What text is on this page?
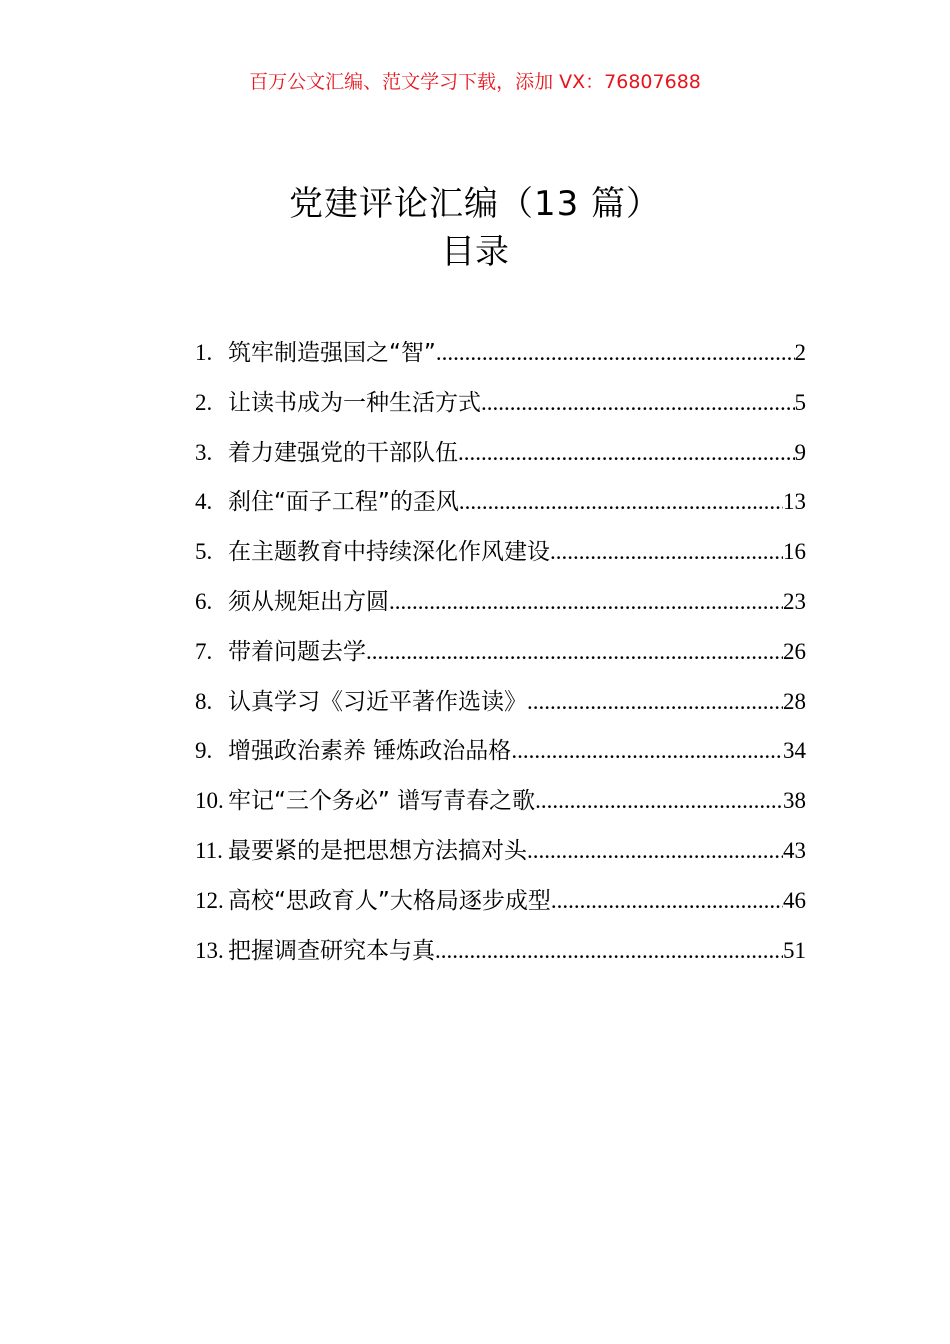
百万公文汇编、范文学习下载，添加 VX：76807688
党建评论汇编（13 篇）
目录
1. 筑牢制造强国之“智” .....	2
2. 让读书成为一种生活方式 .....	5
3. 着力建强党的干部队伍 .....	9
4. 刹住“面子工程”的歪风 .....	13
5. 在主题教育中持续深化作风建设 .....	16
6. 须从规矩出方圆 .....	23
7. 带着问题去学 .....	26
8. 认真学习《习近平著作选读》 .....	28
9. 增强政治素养 锤炼政治品格 .....	34
10. 牢记“三个务必” 谱写青春之歌 .....	38
11. 最要紧的是把思想方法搞对头 .....	43
12. 高校“思政育人”大格局逐步成型 .....	46
13. 把握调查研究本与真 .....	51
